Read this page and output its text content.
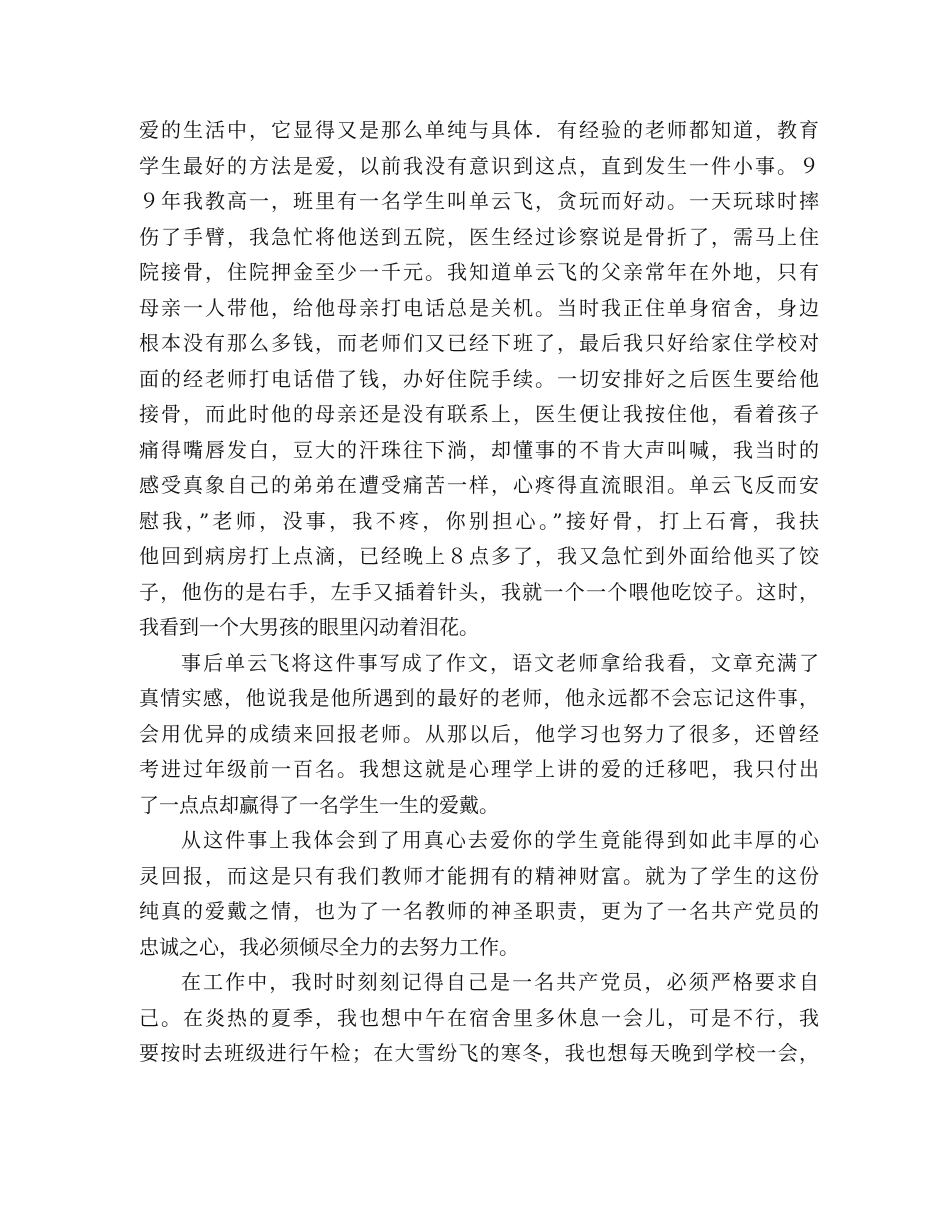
爱的生活中，它显得又是那么单纯与具体．有经验的老师都知道，教育
学生最好的方法是爱，以前我没有意识到这点，直到发生一件小事。９
９年我教高一，班里有一名学生叫单云飞，贪玩而好动。一天玩球时摔
伤了手臂，我急忙将他送到五院，医生经过诊察说是骨折了，需马上住
院接骨，住院押金至少一千元。我知道单云飞的父亲常年在外地，只有
母亲一人带他，给他母亲打电话总是关机。当时我正住单身宿舍，身边
根本没有那么多钱，而老师们又已经下班了，最后我只好给家住学校对
面的经老师打电话借了钱，办好住院手续。一切安排好之后医生要给他
接骨，而此时他的母亲还是没有联系上，医生便让我按住他，看着孩子
痛得嘴唇发白，豆大的汗珠往下淌，却懂事的不肯大声叫喊，我当时的
感受真象自己的弟弟在遭受痛苦一样，心疼得直流眼泪。单云飞反而安
慰我，”老师，没事，我不疼，你别担心。”接好骨，打上石膏，我扶
他回到病房打上点滴，已经晚上８点多了，我又急忙到外面给他买了饺
子，他伤的是右手，左手又插着针头，我就一个一个喂他吃饺子。这时，
我看到一个大男孩的眼里闪动着泪花。
事后单云飞将这件事写成了作文，语文老师拿给我看，文章充满了
真情实感，他说我是他所遇到的最好的老师，他永远都不会忘记这件事，
会用优异的成绩来回报老师。从那以后，他学习也努力了很多，还曾经
考进过年级前一百名。我想这就是心理学上讲的爱的迁移吧，我只付出
了一点点却赢得了一名学生一生的爱戴。
从这件事上我体会到了用真心去爱你的学生竟能得到如此丰厚的心
灵回报，而这是只有我们教师才能拥有的精神财富。就为了学生的这份
纯真的爱戴之情，也为了一名教师的神圣职责，更为了一名共产党员的
忠诚之心，我必须倾尽全力的去努力工作。
在工作中，我时时刻刻记得自己是一名共产党员，必须严格要求自
己。在炎热的夏季，我也想中午在宿舍里多休息一会儿，可是不行，我
要按时去班级进行午检；在大雪纷飞的寒冬，我也想每天晚到学校一会，
